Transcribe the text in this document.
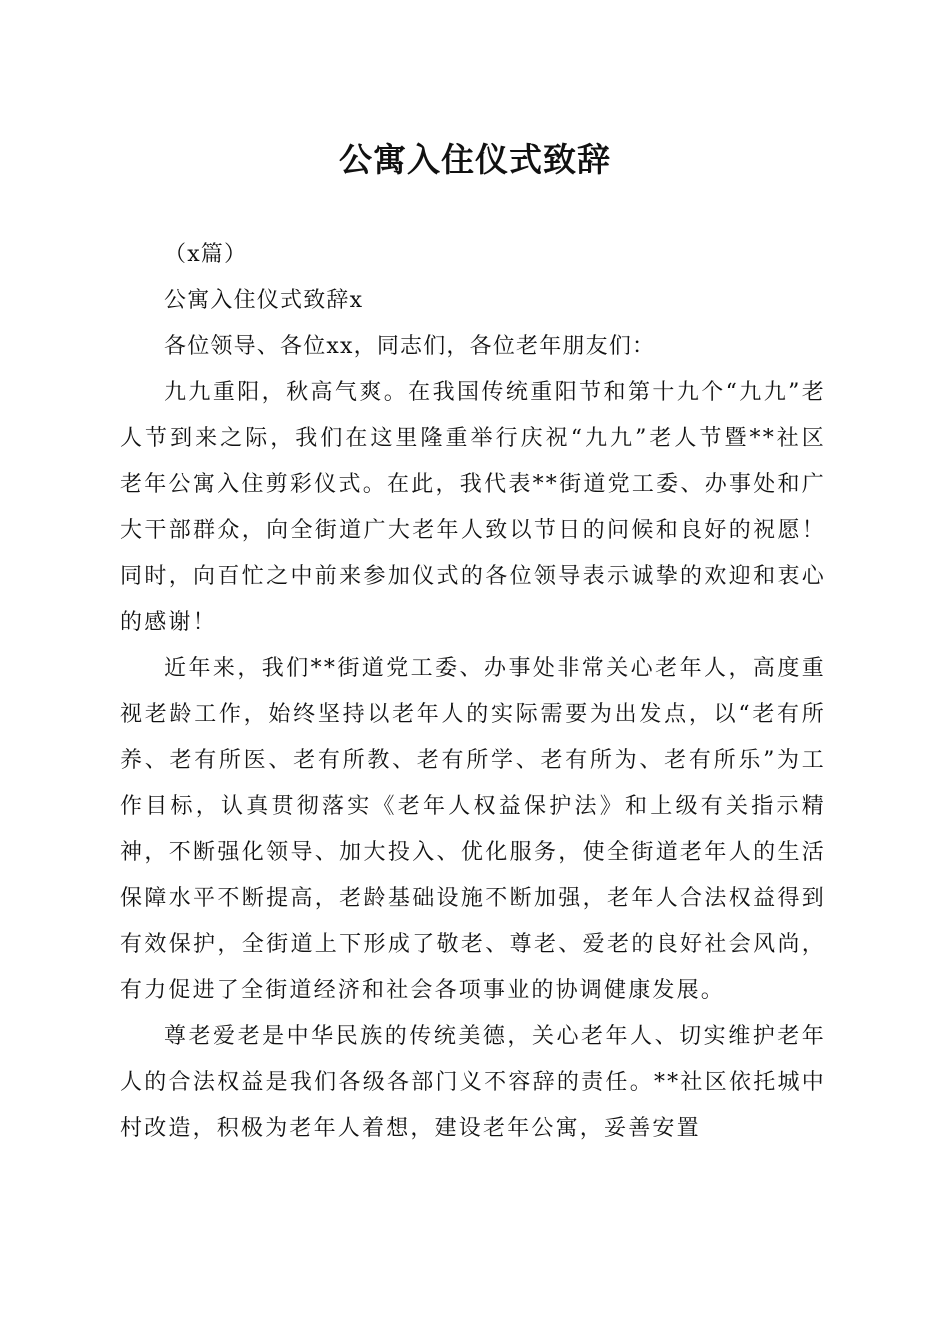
公寓入住仪式致辞

（x篇）

公寓入住仪式致辞x

各位领导、各位xx，同志们，各位老年朋友们：

九九重阳，秋高气爽。在我国传统重阳节和第十九个“九九”老人节到来之际，我们在这里隆重举行庆祝“九九”老人节暨**社区老年公寓入住剪彩仪式。在此，我代表**街道党工委、办事处和广大干部群众，向全街道广大老年人致以节日的问候和良好的祝愿！同时，向百忙之中前来参加仪式的各位领导表示诚挚的欢迎和衷心的感谢！

近年来，我们**街道党工委、办事处非常关心老年人，高度重视老龄工作，始终坚持以老年人的实际需要为出发点，以“老有所养、老有所医、老有所教、老有所学、老有所为、老有所乐”为工作目标，认真贯彻落实《老年人权益保护法》和上级有关指示精神，不断强化领导、加大投入、优化服务，使全街道老年人的生活保障水平不断提高，老龄基础设施不断加强，老年人合法权益得到有效保护，全街道上下形成了敬老、尊老、爱老的良好社会风尚，有力促进了全街道经济和社会各项事业的协调健康发展。

尊老爱老是中华民族的传统美德，关心老年人、切实维护老年人的合法权益是我们各级各部门义不容辞的责任。**社区依托城中村改造，积极为老年人着想，建设老年公寓，妥善安置
